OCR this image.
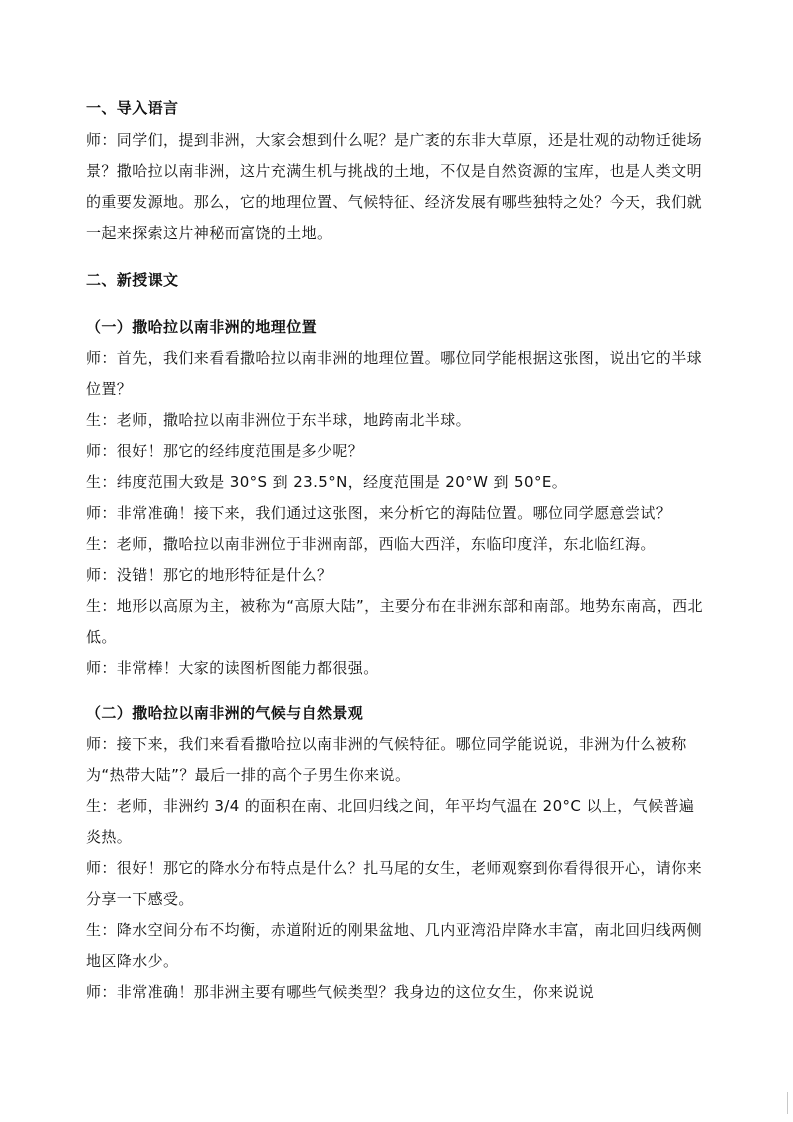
一、导入语言

师：同学们，提到非洲，大家会想到什么呢？是广袤的东非大草原，还是壮观的动物迁徙场景？撒哈拉以南非洲，这片充满生机与挑战的土地，不仅是自然资源的宝库，也是人类文明的重要发源地。那么，它的地理位置、气候特征、经济发展有哪些独特之处？今天，我们就一起来探索这片神秘而富饶的土地。

二、新授课文

（一）撒哈拉以南非洲的地理位置

师：首先，我们来看看撒哈拉以南非洲的地理位置。哪位同学能根据这张图，说出它的半球位置？

生：老师，撒哈拉以南非洲位于东半球，地跨南北半球。

师：很好！那它的经纬度范围是多少呢？

生：纬度范围大致是 30°S 到 23.5°N，经度范围是 20°W 到 50°E。

师：非常准确！接下来，我们通过这张图，来分析它的海陆位置。哪位同学愿意尝试？

生：老师，撒哈拉以南非洲位于非洲南部，西临大西洋，东临印度洋，东北临红海。

师：没错！那它的地形特征是什么？

生：地形以高原为主，被称为“高原大陆”，主要分布在非洲东部和南部。地势东南高，西北低。

师：非常棒！大家的读图析图能力都很强。

（二）撒哈拉以南非洲的气候与自然景观

师：接下来，我们来看看撒哈拉以南非洲的气候特征。哪位同学能说说，非洲为什么被称为“热带大陆”？最后一排的高个子男生你来说。

生：老师，非洲约 3/4 的面积在南、北回归线之间，年平均气温在 20°C 以上，气候普遍炎热。

师：很好！那它的降水分布特点是什么？扎马尾的女生，老师观察到你看得很开心，请你来分享一下感受。

生：降水空间分布不均衡，赤道附近的刚果盆地、几内亚湾沿岸降水丰富，南北回归线两侧地区降水少。

师：非常准确！那非洲主要有哪些气候类型？我身边的这位女生，你来说说
